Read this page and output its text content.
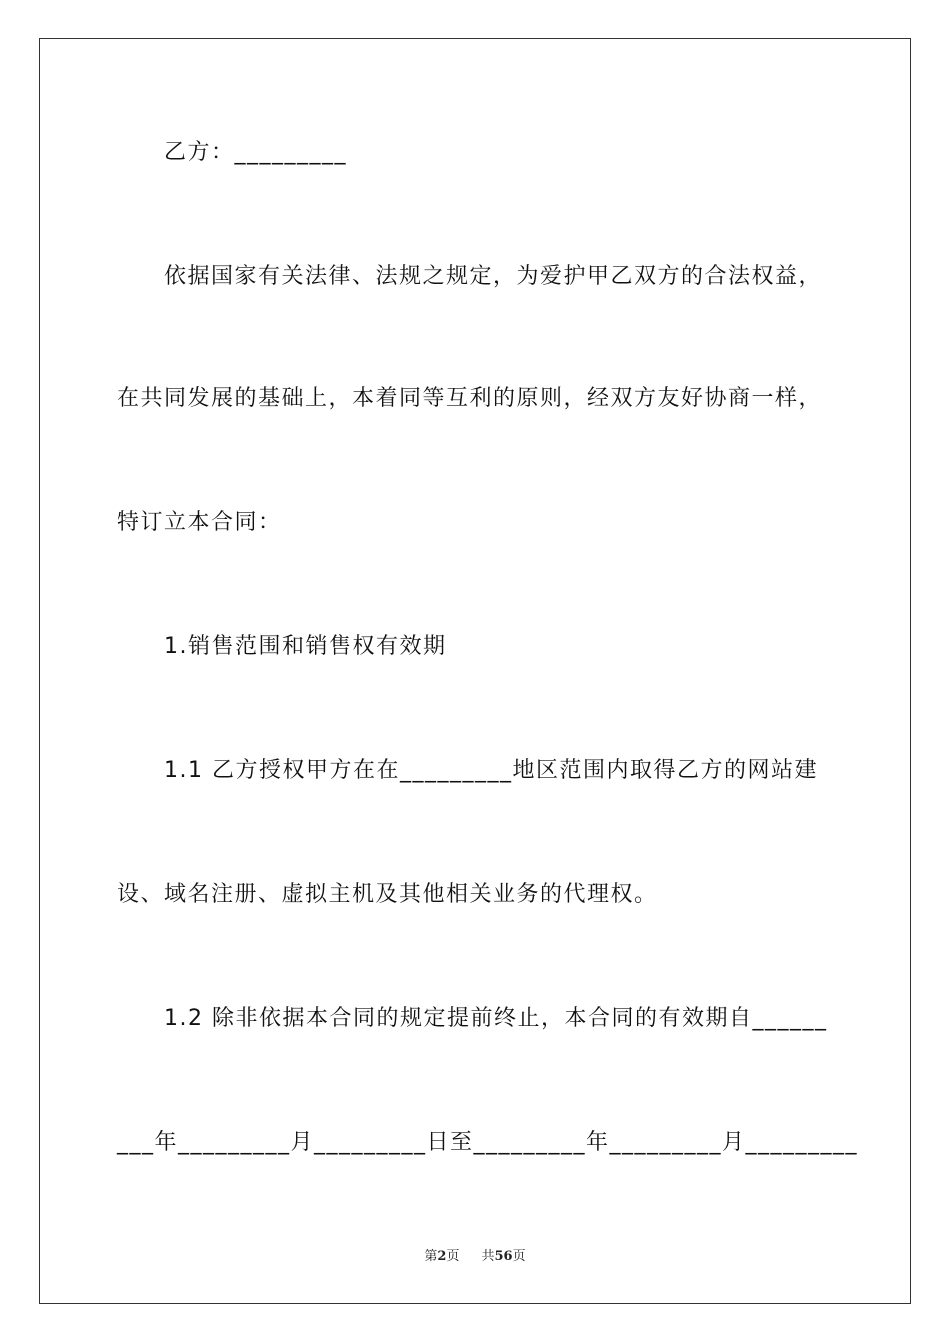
乙方：_________
依据国家有关法律、法规之规定，为爱护甲乙双方的合法权益，
在共同发展的基础上，本着同等互利的原则，经双方友好协商一样，
特订立本合同：
1.销售范围和销售权有效期
1.1 乙方授权甲方在在_________地区范围内取得乙方的网站建
设、域名注册、虚拟主机及其他相关业务的代理权。
1.2 除非依据本合同的规定提前终止，本合同的有效期自______
___年_________月_________日至_________年_________月_________
第2页 共56页
